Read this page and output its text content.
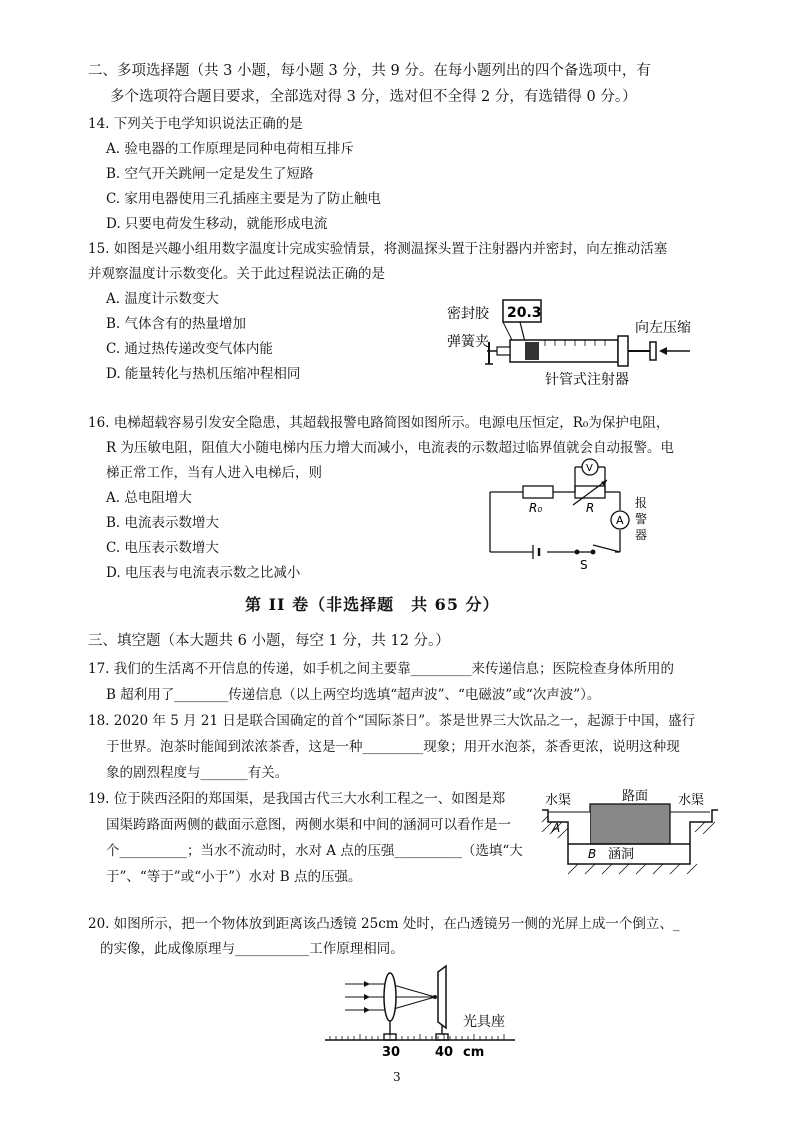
二、多项选择题（共 3 小题，每小题 3 分，共 9 分。在每小题列出的四个备选项中，有
多个选项符合题目要求，全部选对得 3 分，选对但不全得 2 分，有选错得 0 分。）
14. 下列关于电学知识说法正确的是
A. 验电器的工作原理是同种电荷相互排斥
B. 空气开关跳闸一定是发生了短路
C. 家用电器使用三孔插座主要是为了防止触电
D. 只要电荷发生移动，就能形成电流
15. 如图是兴趣小组用数字温度计完成实验情景，将测温探头置于注射器内并密封，向左推动活塞
并观察温度计示数变化。关于此过程说法正确的是
A. 温度计示数变大
B. 气体含有的热量增加
C. 通过热传递改变气体内能
D. 能量转化与热机压缩冲程相同
密封胶 20.3
弹簧夹
向左压缩
针管式注射器
16. 电梯超载容易引发安全隐患，其超载报警电路简图如图所示。电源电压恒定，R₀为保护电阻，
R 为压敏电阻，阻值大小随电梯内压力增大而减小，电流表的示数超过临界值就会自动报警。电
梯正常工作，当有人进入电梯后，则
A. 总电阻增大
B. 电流表示数增大
C. 电压表示数增大
D. 电压表与电流表示数之比减小
V
A
R₀	R
S
报警器
第 II 卷（非选择题　共 65 分）
三、填空题（本大题共 6 小题，每空 1 分，共 12 分。）
17. 我们的生活离不开信息的传递，如手机之间主要靠_________来传递信息；医院检查身体所用的
B 超利用了________传递信息（以上两空均选填“超声波”、“电磁波”或“次声波”）。
18. 2020 年 5 月 21 日是联合国确定的首个“国际茶日”。茶是世界三大饮品之一，起源于中国，盛行
于世界。泡茶时能闻到浓浓茶香，这是一种_________现象；用开水泡茶，茶香更浓，说明这种现
象的剧烈程度与_______有关。
19. 位于陕西泾阳的郑国渠，是我国古代三大水利工程之一、如图是郑
国渠跨路面两侧的截面示意图，两侧水渠和中间的涵洞可以看作是一
个__________；当水不流动时，水对 A 点的压强__________（选填“大
于”、“等于”或“小于”）水对 B 点的压强。
水渠	路面 水渠
A
B 涵洞
20. 如图所示，把一个物体放到距离该凸透镜 25cm 处时，在凸透镜另一侧的光屏上成一个倒立、_
的实像，此成像原理与___________工作原理相同。
光具座
30	40 cm
3
